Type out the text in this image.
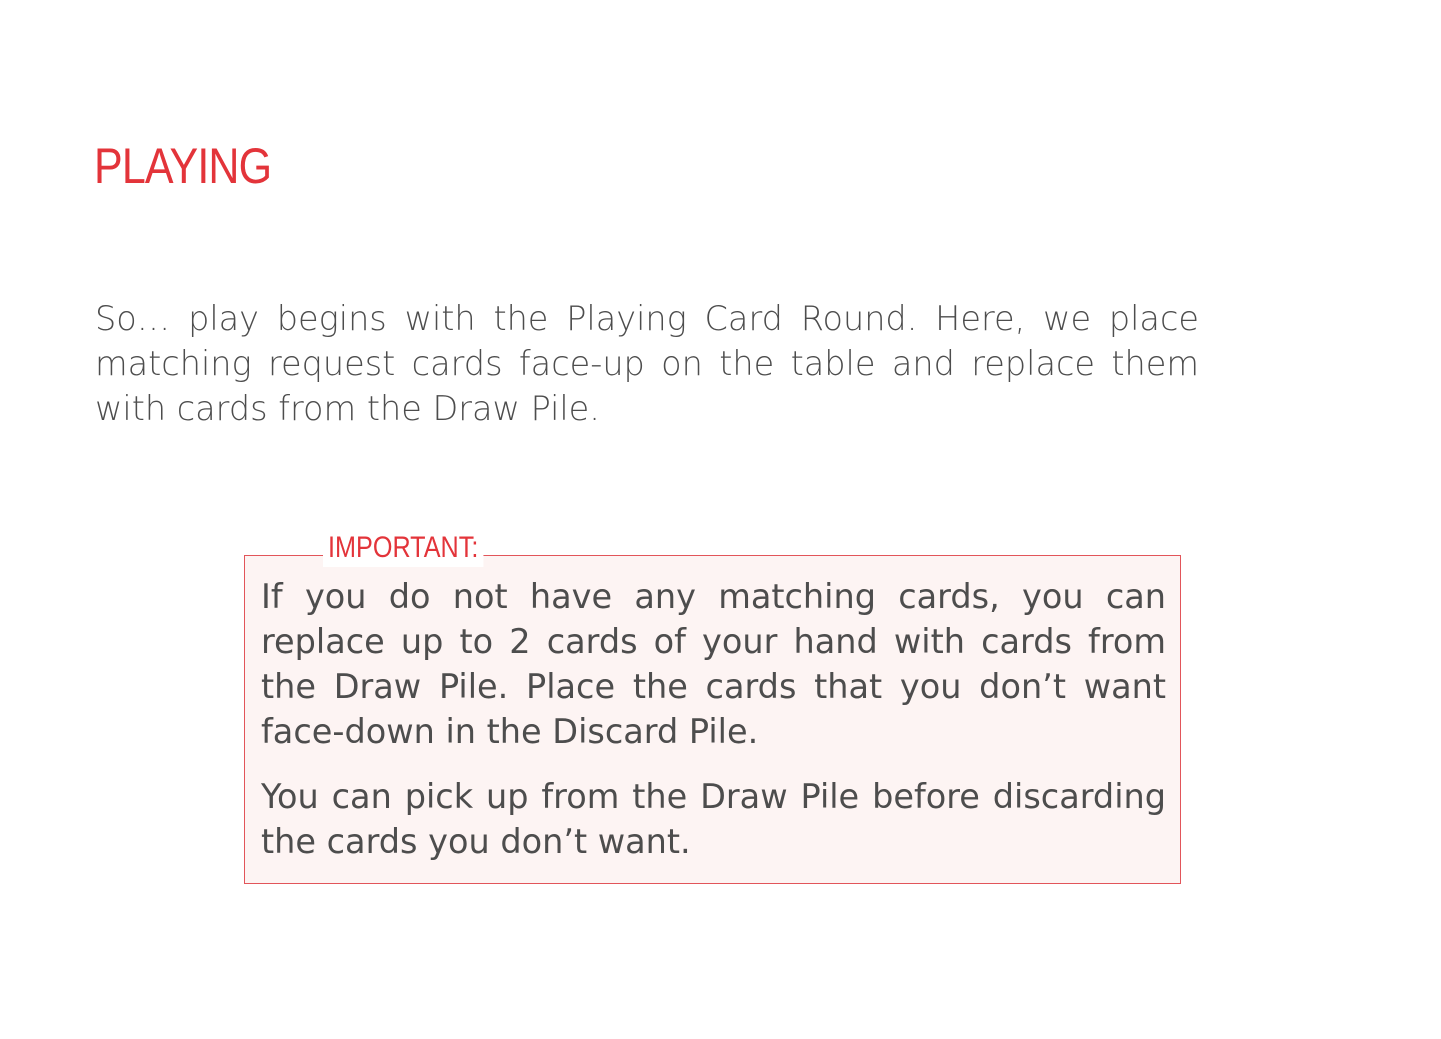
PLAYING

So… play begins with the Playing Card Round. Here, we place matching request cards face-up on the table and replace them with cards from the Draw Pile.

IMPORTANT:

If you do not have any matching cards, you can replace up to 2 cards of your hand with cards from the Draw Pile. Place the cards that you don’t want face-down in the Discard Pile.

You can pick up from the Draw Pile before discarding the cards you don’t want.
